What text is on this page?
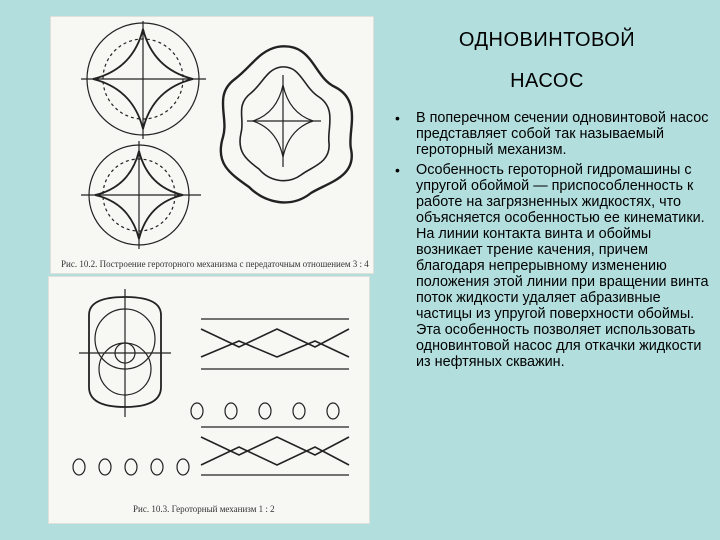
Рис. 10.2. Построение героторного механизма с передаточным отношением 3 : 4
Рис. 10.3. Героторный механизм 1 : 2
ОДНОВИНТОВОЙ
НАСОС
• В поперечном сечении одновинтовой насос представляет собой так называемый героторный механизм.
• Особенность героторной гидромашины с упругой обоймой — приспособленность к работе на загрязненных жидкостях, что объясняется особенностью ее кинематики. На линии контакта винта и обоймы возникает трение качения, причем благодаря непрерывному изменению положения этой линии при вращении винта поток жидкости удаляет абразивные частицы из упругой поверхности обоймы. Эта особенность позволяет использовать одновинтовой насос для откачки жидкости из нефтяных скважин.
